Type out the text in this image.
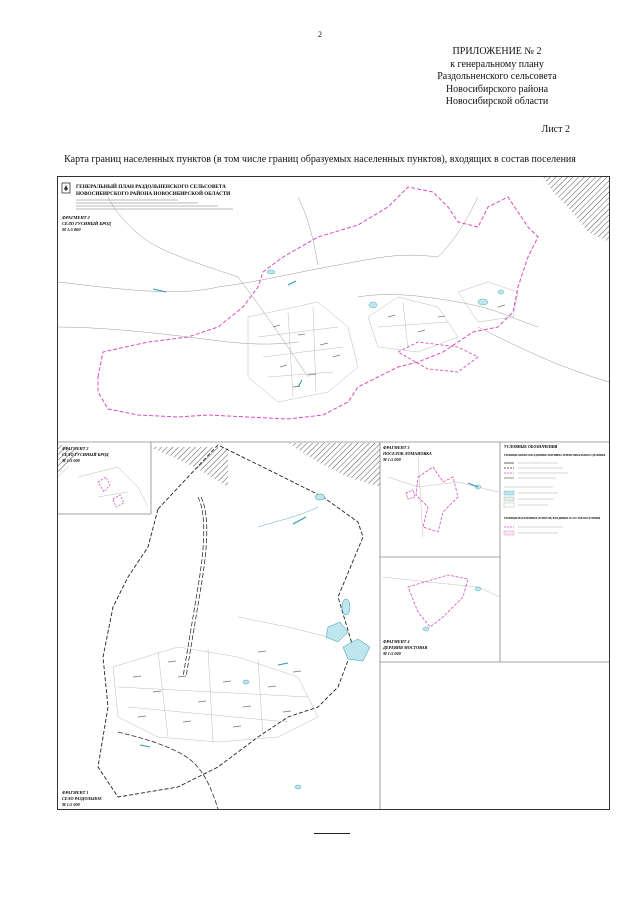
2
ПРИЛОЖЕНИЕ № 2
к генеральному плану
Раздольненского сельсовета
Новосибирского района
Новосибирской области
Лист 2
Карта границ населенных пунктов (в том числе границ образуемых населенных пунктов), входящих в состав поселения
ГЕНЕРАЛЬНЫЙ ПЛАН РАЗДОЛЬНЕНСКОГО СЕЛЬСОВЕТА
НОВОСИБИРСКОГО РАЙОНА НОВОСИБИРСКОЙ ОБЛАСТИ
ФРАГМЕНТ 2
СЕЛО ГУСИНЫЙ БРОД
М 1:5 000
ФРАГМЕНТ 2
СЕЛО ГУСИНЫЙ БРОД
М 1:5 000
ФРАГМЕНТ 1
СЕЛО РАЗДОЛЬНОЕ
М 1:5 000
ФРАГМЕНТ 3
ПОСЕЛОК ЛОМАНОВКА
М 1:5 000
ФРАГМЕНТ 4
ДЕРЕВНЯ МОСТОВАЯ
М 1:5 000
УСЛОВНЫЕ ОБОЗНАЧЕНИЯ
ГРАНИЦЫ ОБЪЕКТОВ АДМИНИСТРАТИВНО-ТЕРРИТОРИАЛЬНОГО ДЕЛЕНИЯ
ГРАНИЦЫ НАСЕЛЕННЫХ ПУНКТОВ, ВХОДЯЩИХ В СОСТАВ ПОСЕЛЕНИЯ
